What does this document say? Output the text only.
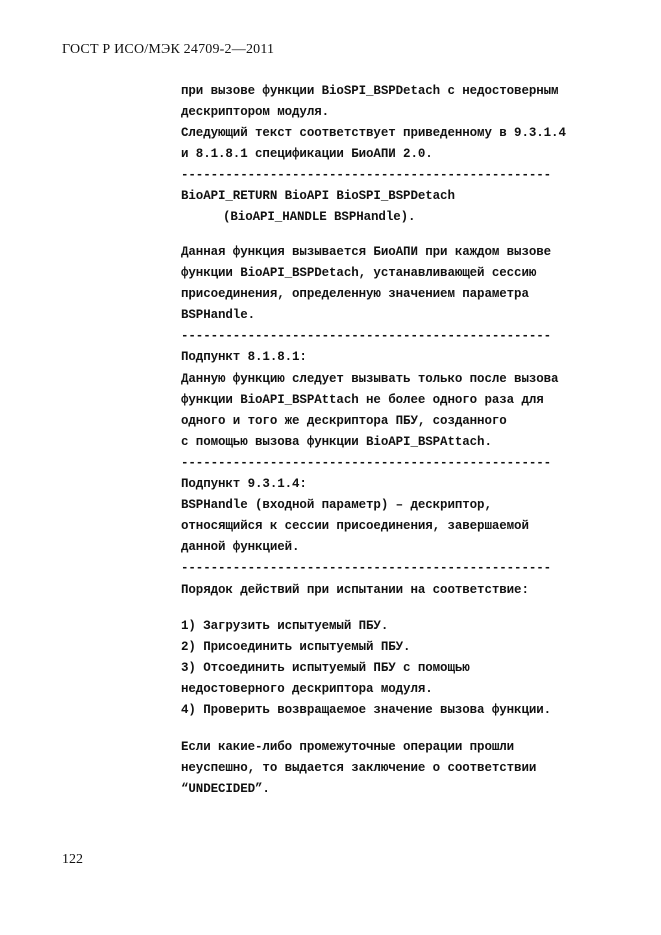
ГОСТ Р ИСО/МЭК 24709-2—2011
при вызове функции BioSPI_BSPDetach с недостоверным
дескриптором модуля.
Следующий текст соответствует приведенному в 9.3.1.4
и 8.1.8.1 спецификации БиоАПИ 2.0.
--------------------------------------------------
BioAPI_RETURN BioAPI BioSPI_BSPDetach
(BioAPI_HANDLE BSPHandle).
Данная функция вызывается БиоАПИ при каждом вызове
функции BioAPI_BSPDetach, устанавливающей сессию
присоединения, определенную значением параметра
BSPHandle.
--------------------------------------------------
Подпункт 8.1.8.1:
Данную функцию следует вызывать только после вызова
функции BioAPI_BSPAttach не более одного раза для
одного и того же дескриптора ПБУ, созданного
с помощью вызова функции BioAPI_BSPAttach.
--------------------------------------------------
Подпункт 9.3.1.4:
BSPHandle (входной параметр) – дескриптор,
относящийся к сессии присоединения, завершаемой
данной функцией.
--------------------------------------------------
Порядок действий при испытании на соответствие:
1) Загрузить испытуемый ПБУ.
2) Присоединить испытуемый ПБУ.
3) Отсоединить испытуемый ПБУ с помощью
недостоверного дескриптора модуля.
4) Проверить возвращаемое значение вызова функции.
Если какие-либо промежуточные операции прошли
неуспешно, то выдается заключение о соответствии
“UNDECIDED”.
122
